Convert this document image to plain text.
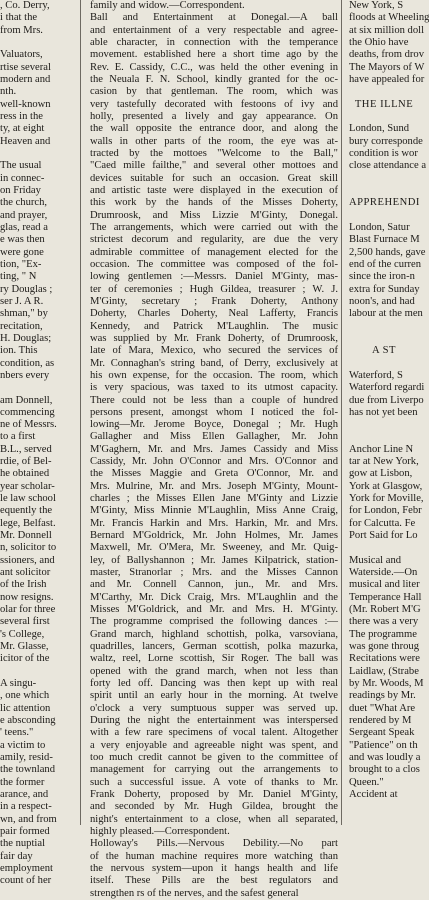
, Co. Derry,
i that the
from Mrs.
Valuators,
rtise several
modern and
nth.
well-known
ress in the
ty, at eight
Heaven and
The usual
in connec-
on Friday
the church,
and prayer,
glas, read a
e was then
were gone
tion, "Ex-
ting, " N
ry Douglas ;
ser J. A R.
shman," by
recitation,
H. Douglas;
ion. This
condition, as
nbers every
am Donnell,
commencing
ne of Messrs.
to a first
B.L., served
rdie, of Bel-
he obtained
year scholar-
le law school
equently the
lege, Belfast.
Mr. Donnell
n, solicitor to
ssioners, and
ant solicitor
of the Irish
now resigns.
olar for three
several first
's College,
Mr. Glasse,
icitor of the
A singu-
, one which
lic attention
e absconding
' teens."
a victim to
amily, resid-
the townland
the former
arance, and
in a respect-
wn, and from
pair formed
the nuptial
fair day
employment
count of her
family and widow.—Correspondent.
Ball and Entertainment at Donegal.—A ball
and entertainment of a very respectable and agree-
able character, in connection with the temperance
movement. established here a short time ago by the
Rev. E. Cassidy, C.C., was held the other evening in
the Neuala F. N. School, kindly granted for the oc-
casion by that gentleman. The room, which was
very tastefully decorated with festoons of ivy and
holly, presented a lively and gay appearance. On
the wall opposite the entrance door, and along the
walls in other parts of the room, the eye was at-
tracted by the mottoes "Welcome to the Ball,"
"Caed mille failthe," and several other mottoes and
devices suitable for such an occasion. Great skill
and artistic taste were displayed in the execution of
this work by the hands of the Misses Doherty,
Drumroosk, and Miss Lizzie M'Ginty, Donegal.
The arrangements, which were carried out with the
strictest decorum and regularity, are due the very
admirable committee of management elected for the
occasion. The committee was composed of the fol-
lowing gentlemen :—Messrs. Daniel M'Ginty, mas-
ter of ceremonies ; Hugh Gildea, treasurer ; W. J.
M'Ginty, secretary ; Frank Doherty, Anthony
Doherty, Charles Doherty, Neal Lafferty, Francis
Kennedy, and Patrick M'Laughlin. The music
was supplied by Mr. Frank Doherty, of Drumroosk,
late of Mara, Mexico, who secured the services of
Mr. Connaghan's string band, of Derry, exclusively at
his own expense, for the occasion. The room, which
is very spacious, was taxed to its utmost capacity.
There could not be less than a couple of hundred
persons present, amongst whom I noticed the fol-
lowing—Mr. Jerome Boyce, Donegal ; Mr. Hugh
Gallagher and Miss Ellen Gallagher, Mr. John
M'Gaghern, Mr. and Mrs. James Cassidy and Miss
Cassidy, Mr. John O'Connor and Mrs. O'Connor and
the Misses Maggie and Greta O'Connor, Mr. and
Mrs. Mulrine, Mr. and Mrs. Joseph M'Ginty, Mount-
charles ; the Misses Ellen Jane M'Ginty and Lizzie
M'Ginty, Miss Minnie M'Laughlin, Miss Anne Craig,
Mr. Francis Harkin and Mrs. Harkin, Mr. and Mrs.
Bernard M'Goldrick, Mr. John Holmes, Mr. James
Maxwell, Mr. O'Mera, Mr. Sweeney, and Mr. Quig-
ley, of Ballyshannon ; Mr. James Kilpatrick, station-
master, Stranorlar ; Mrs. and the Misses Cannon
and Mr. Connell Cannon, jun., Mr. and Mrs.
M'Carthy, Mr. Dick Craig, Mrs. M'Laughlin and the
Misses M'Goldrick, and Mr. and Mrs. H. M'Ginty.
The programme comprised the following dances :—
Grand march, highland schottish, polka, varsoviana,
quadrilles, lancers, German scottish, polka mazurka,
waltz, reel, Lorne scottish, Sir Roger. The ball was
opened with the grand march, when not less than
forty led off. Dancing was then kept up with real
spirit until an early hour in the morning. At twelve
o'clock a very sumptuous supper was served up.
During the night the entertainment was interspersed
with a few rare specimens of vocal talent. Altogether
a very enjoyable and agreeable night was spent, and
too much credit cannot be given to the committee of
management for carrying out the arrangements to
such a successful issue. A vote of thanks to Mr.
Frank Doherty, proposed by Mr. Daniel M'Ginty,
and seconded by Mr. Hugh Gildea, brought the
night's entertainment to a close, when all separated,
highly pleased.—Correspondent.
Holloway's Pills.—Nervous Debility.—No part
of the human machine requires more watching than
the nervous system—upon it hangs health and life
itself. These Pills are the best regulators and
strengthen rs of the nerves, and the safest general
New York, S
floods at Wheeling
at six million doll
the Ohio have
deaths, from drov
The Mayors of W
have appealed for
THE ILLNE
London, Sund
bury corresponde
condition is wor
close attendance a
APPREHENDI
London, Satur
Blast Furnace M
2,500 hands, gave
end of the curren
since the iron-n
extra for Sunday
noon's, and had
labour at the men
A ST
Waterford, S
Waterford regardi
due from Liverpo
has not yet been
Anchor Line N
tar at New York,
gow at Lisbon,
York at Glasgow,
York for Moville,
for London, Febr
for Calcutta. Fe
Port Said for Lo
Musical and
Waterside.—On
musical and liter
Temperance Hall
(Mr. Robert M'G
there was a very
The programme
was gone throug
Recitations were
Laidlaw, (Strabe
by Mr. Woods, M
readings by Mr.
duet "What Are
rendered by M
Sergeant Speak
"Patience" on th
and was loudly a
brought to a clos
Queen."
Accident at
